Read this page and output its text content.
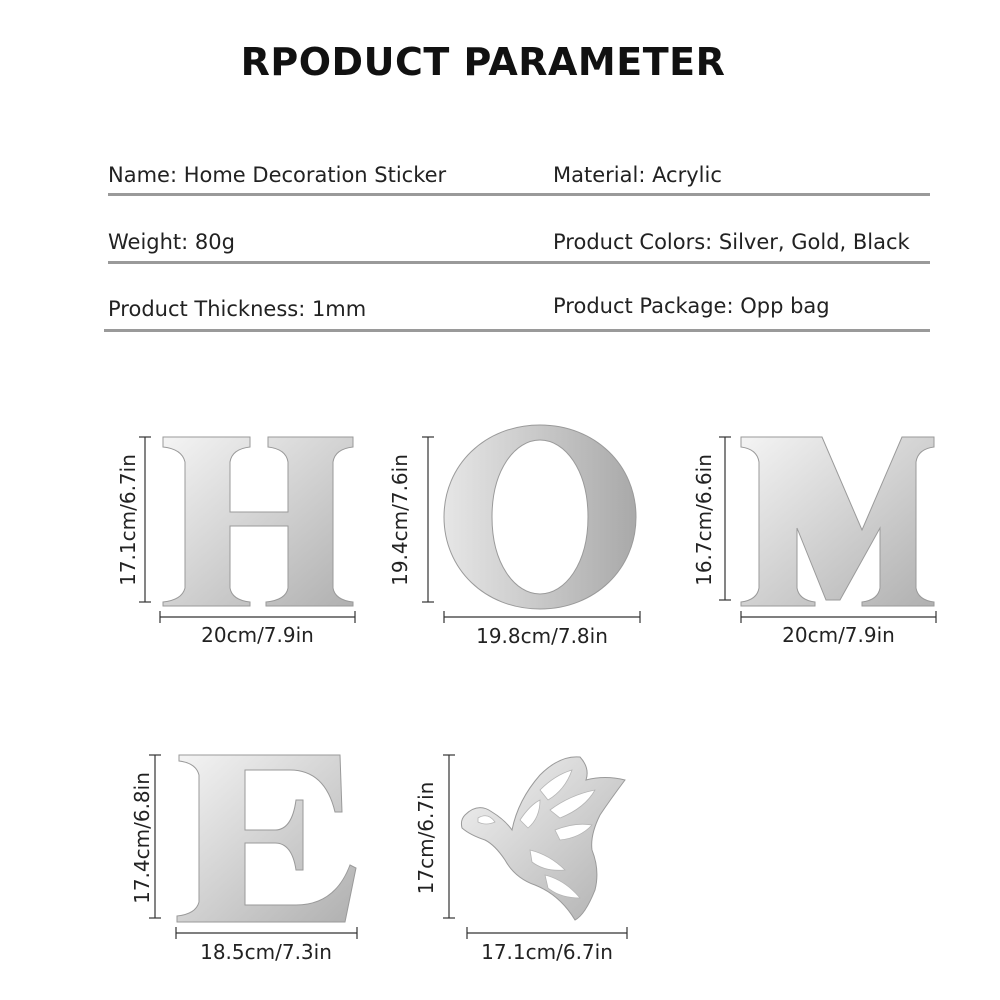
RPODUCT PARAMETER
Name: Home Decoration Sticker	Material: Acrylic
Weight: 80g	Product Colors: Silver, Gold, Black
Product Thickness: 1mm	Product Package: Opp bag
17.1cm/6.7in
20cm/7.9in
19.4cm/7.6in
19.8cm/7.8in
16.7cm/6.6in
20cm/7.9in
17.4cm/6.8in
18.5cm/7.3in
17cm/6.7in
17.1cm/6.7in
